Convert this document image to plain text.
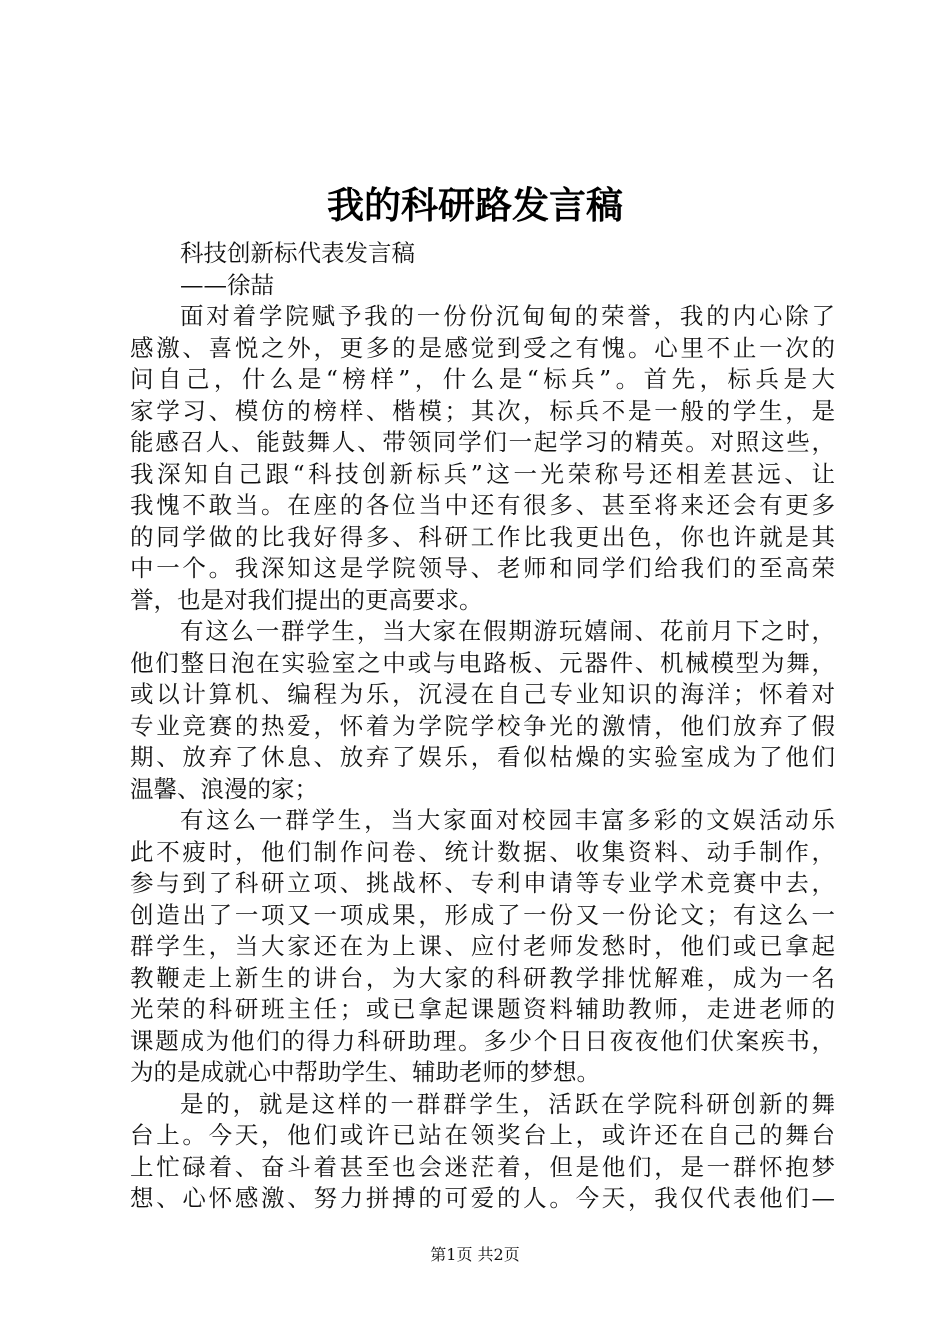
我的科研路发言稿
科技创新标代表发言稿
——徐喆
面对着学院赋予我的一份份沉甸甸的荣誉，我的内心除了
感激、喜悦之外，更多的是感觉到受之有愧。心里不止一次的
问自己，什么是“榜样”，什么是“标兵”。首先，标兵是大
家学习、模仿的榜样、楷模；其次，标兵不是一般的学生，是
能感召人、能鼓舞人、带领同学们一起学习的精英。对照这些，
我深知自己跟“科技创新标兵”这一光荣称号还相差甚远、让
我愧不敢当。在座的各位当中还有很多、甚至将来还会有更多
的同学做的比我好得多、科研工作比我更出色，你也许就是其
中一个。我深知这是学院领导、老师和同学们给我们的至高荣
誉，也是对我们提出的更高要求。
有这么一群学生，当大家在假期游玩嬉闹、花前月下之时，
他们整日泡在实验室之中或与电路板、元器件、机械模型为舞，
或以计算机、编程为乐，沉浸在自己专业知识的海洋；怀着对
专业竞赛的热爱，怀着为学院学校争光的激情，他们放弃了假
期、放弃了休息、放弃了娱乐，看似枯燥的实验室成为了他们
温馨、浪漫的家；
有这么一群学生，当大家面对校园丰富多彩的文娱活动乐
此不疲时，他们制作问卷、统计数据、收集资料、动手制作，
参与到了科研立项、挑战杯、专利申请等专业学术竞赛中去，
创造出了一项又一项成果，形成了一份又一份论文；有这么一
群学生，当大家还在为上课、应付老师发愁时，他们或已拿起
教鞭走上新生的讲台，为大家的科研教学排忧解难，成为一名
光荣的科研班主任；或已拿起课题资料辅助教师，走进老师的
课题成为他们的得力科研助理。多少个日日夜夜他们伏案疾书，
为的是成就心中帮助学生、辅助老师的梦想。
是的，就是这样的一群群学生，活跃在学院科研创新的舞
台上。今天，他们或许已站在领奖台上，或许还在自己的舞台
上忙碌着、奋斗着甚至也会迷茫着，但是他们，是一群怀抱梦
想、心怀感激、努力拼搏的可爱的人。今天，我仅代表他们—
第1页 共2页
